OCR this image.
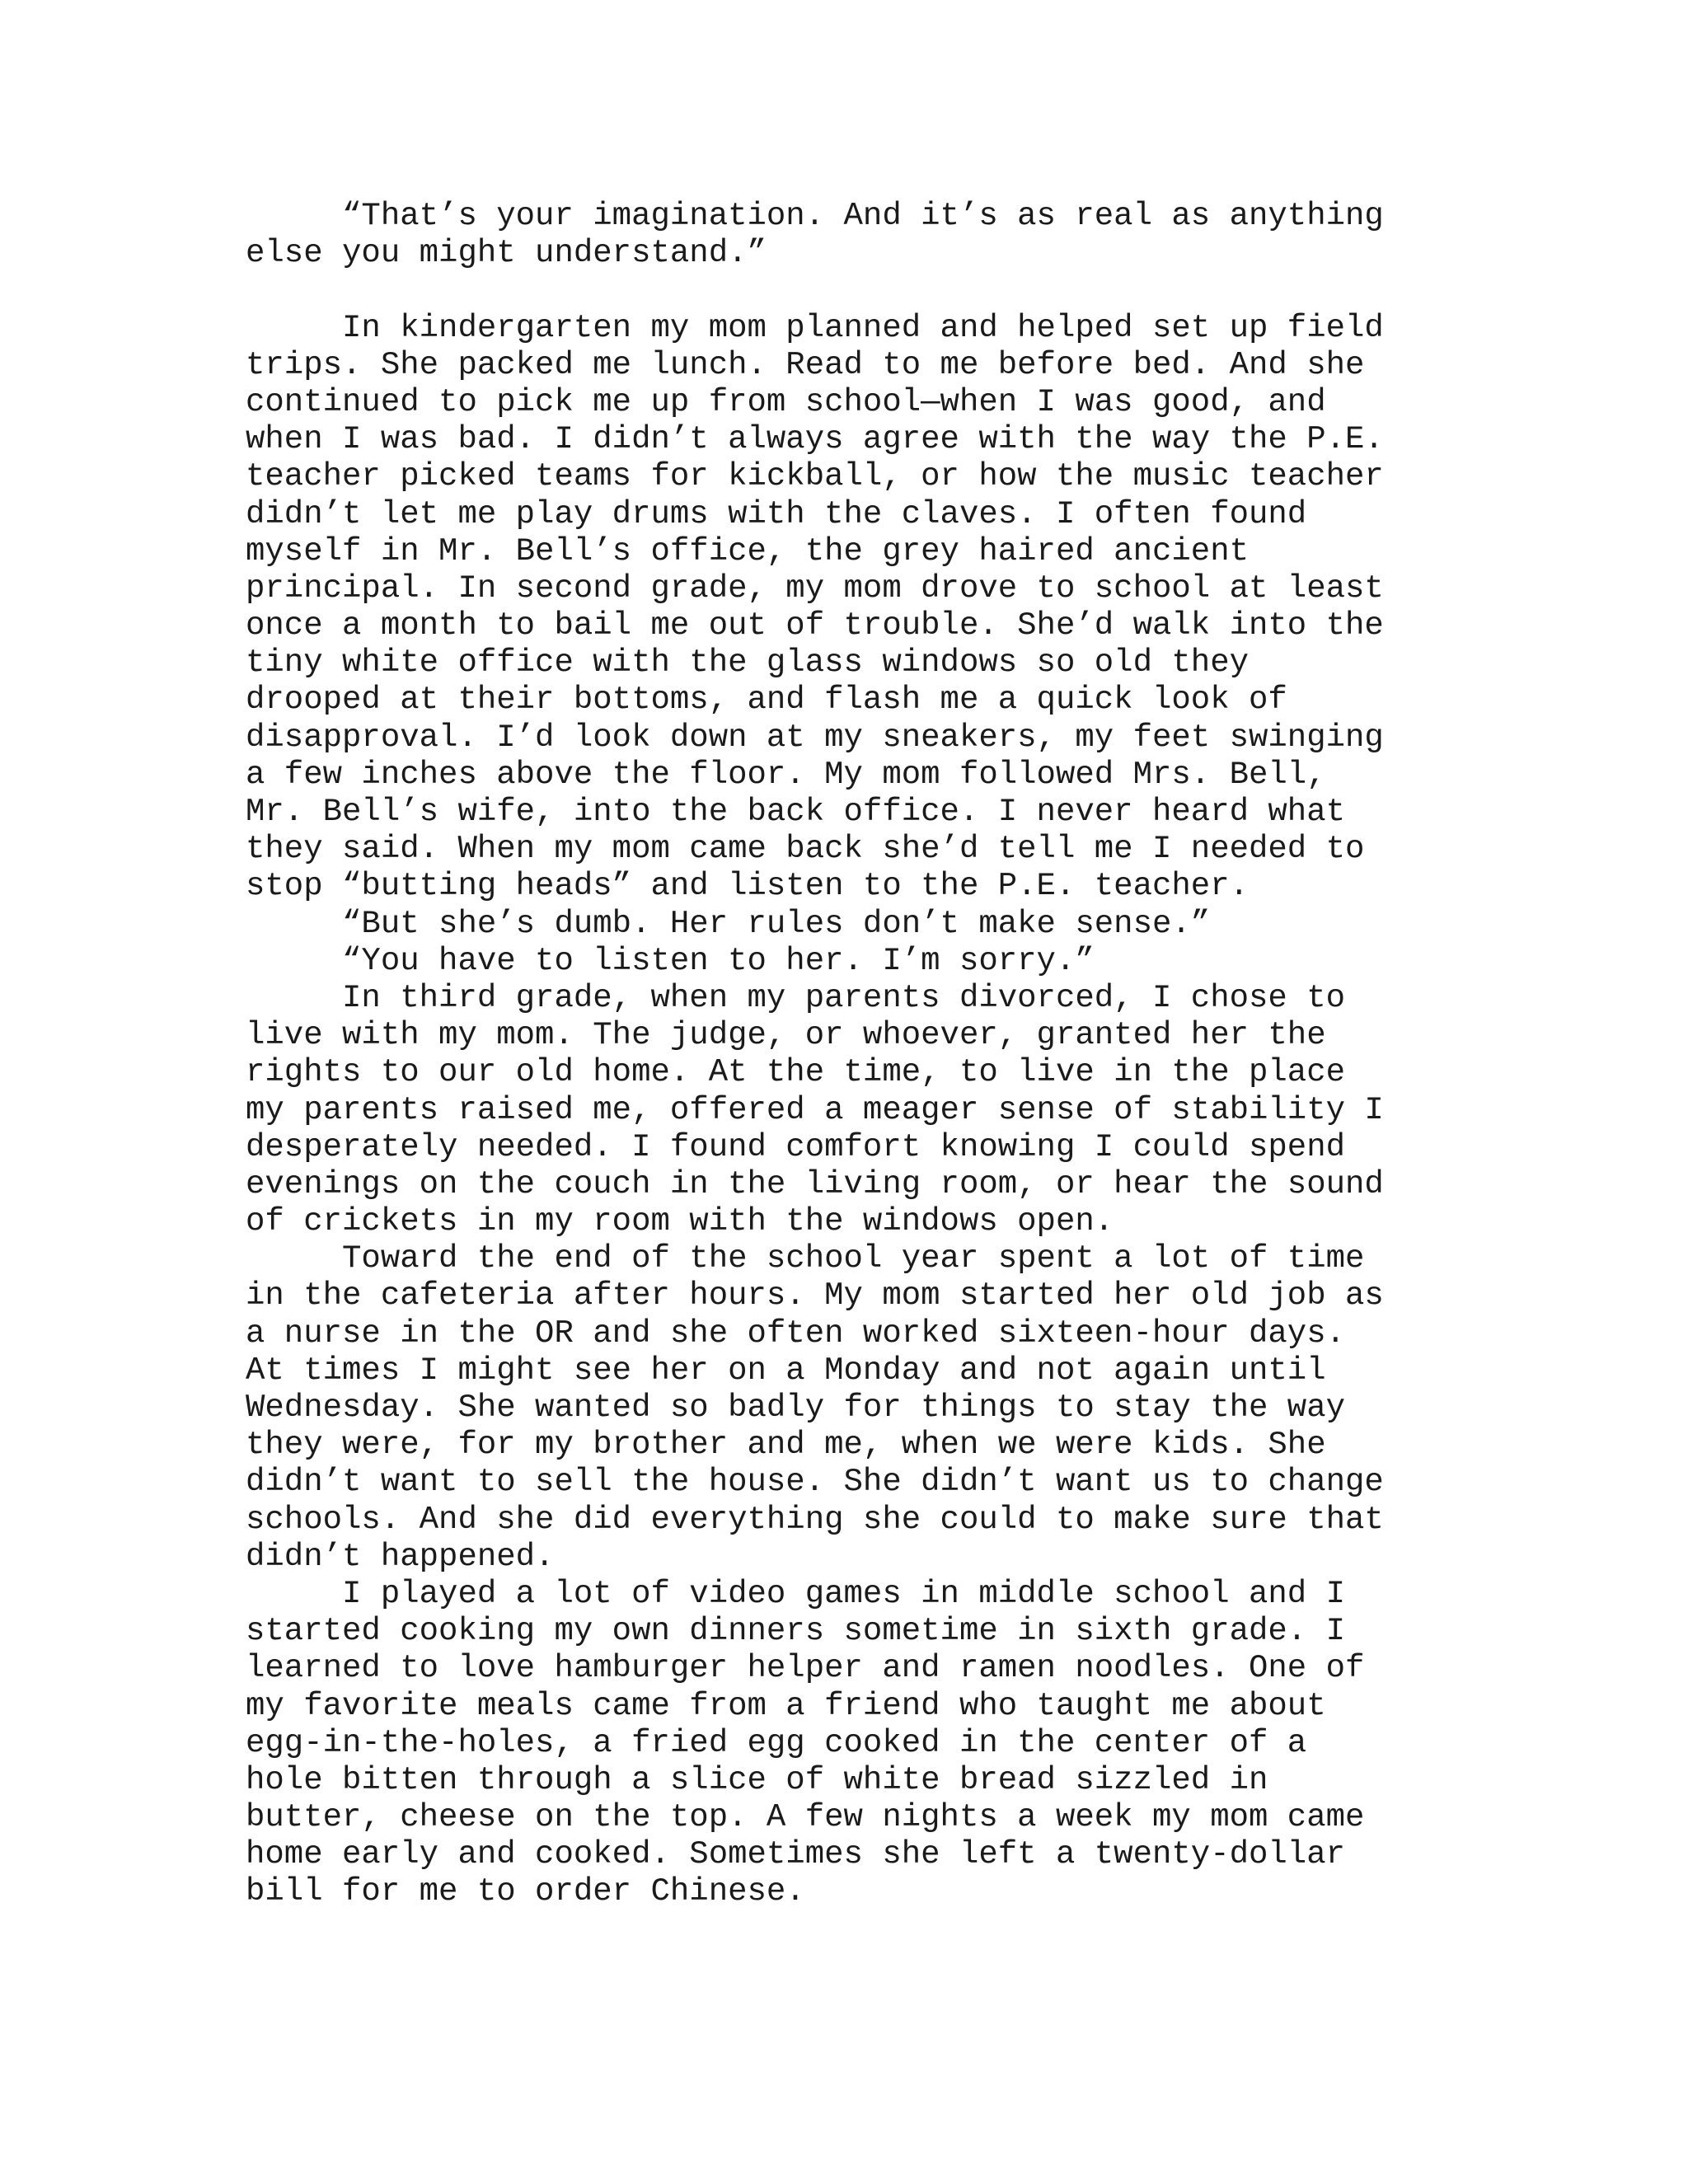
“That’s your imagination. And it’s as real as anything
else you might understand.”
In kindergarten my mom planned and helped set up field
trips. She packed me lunch. Read to me before bed. And she
continued to pick me up from school—when I was good, and
when I was bad. I didn’t always agree with the way the P.E.
teacher picked teams for kickball, or how the music teacher
didn’t let me play drums with the claves. I often found
myself in Mr. Bell’s office, the grey haired ancient
principal. In second grade, my mom drove to school at least
once a month to bail me out of trouble. She’d walk into the
tiny white office with the glass windows so old they
drooped at their bottoms, and flash me a quick look of
disapproval. I’d look down at my sneakers, my feet swinging
a few inches above the floor. My mom followed Mrs. Bell,
Mr. Bell’s wife, into the back office. I never heard what
they said. When my mom came back she’d tell me I needed to
stop “butting heads” and listen to the P.E. teacher.
“But she’s dumb. Her rules don’t make sense.”
“You have to listen to her. I’m sorry.”
In third grade, when my parents divorced, I chose to
live with my mom. The judge, or whoever, granted her the
rights to our old home. At the time, to live in the place
my parents raised me, offered a meager sense of stability I
desperately needed. I found comfort knowing I could spend
evenings on the couch in the living room, or hear the sound
of crickets in my room with the windows open.
Toward the end of the school year spent a lot of time
in the cafeteria after hours. My mom started her old job as
a nurse in the OR and she often worked sixteen-hour days.
At times I might see her on a Monday and not again until
Wednesday. She wanted so badly for things to stay the way
they were, for my brother and me, when we were kids. She
didn’t want to sell the house. She didn’t want us to change
schools. And she did everything she could to make sure that
didn’t happened.
I played a lot of video games in middle school and I
started cooking my own dinners sometime in sixth grade. I
learned to love hamburger helper and ramen noodles. One of
my favorite meals came from a friend who taught me about
egg-in-the-holes, a fried egg cooked in the center of a
hole bitten through a slice of white bread sizzled in
butter, cheese on the top. A few nights a week my mom came
home early and cooked. Sometimes she left a twenty-dollar
bill for me to order Chinese.
